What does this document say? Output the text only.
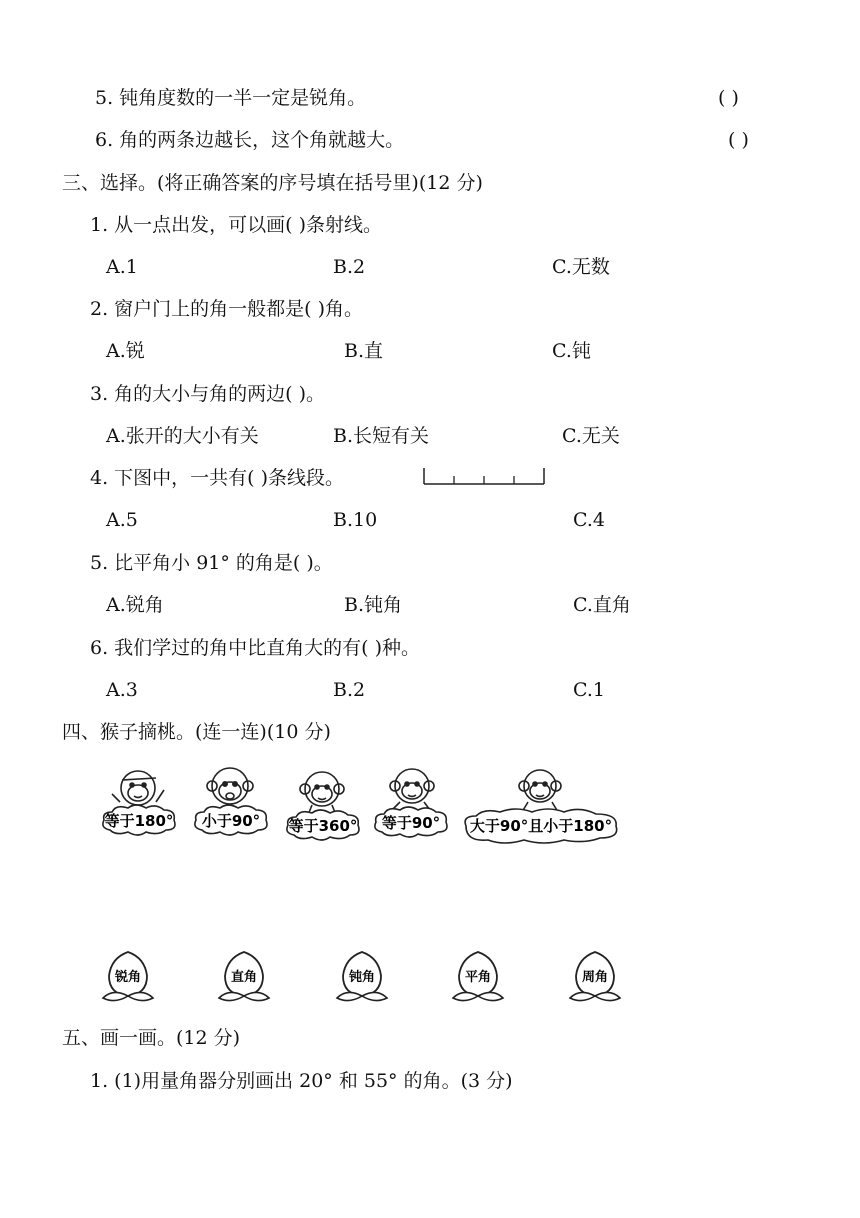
5. 钝角度数的一半一定是锐角。	( )
6. 角的两条边越长，这个角就越大。	( )
三、选择。(将正确答案的序号填在括号里)(12 分)
1. 从一点出发，可以画( )条射线。
A.1	B.2	C.无数
2. 窗户门上的角一般都是( )角。
A.锐	B.直	C.钝
3. 角的大小与角的两边( )。
A.张开的大小有关	B.长短有关	C.无关
4. 下图中，一共有( )条线段。
A.5	B.10	C.4
5. 比平角小 91° 的角是( )。
A.锐角	B.钝角	C.直角
6. 我们学过的角中比直角大的有( )种。
A.3	B.2	C.1
四、猴子摘桃。(连一连)(10 分)
等于180° 小于90° 等于360° 等于90° 大于90°且小于180°
锐角	直角	钝角	平角	周角
五、画一画。(12 分)
1. (1)用量角器分别画出 20° 和 55° 的角。(3 分)
